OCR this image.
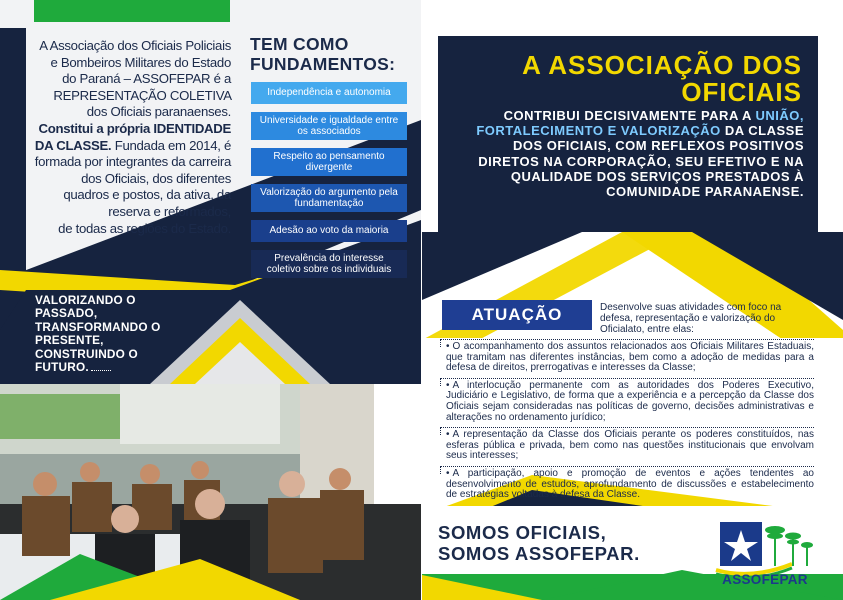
A Associação dos Oficiais Policiais e Bombeiros Militares do Estado do Paraná – ASSOFEPAR é a REPRESENTAÇÃO COLETIVA dos Oficiais paranaenses. Constitui a própria IDENTIDADE DA CLASSE. Fundada em 2014, é formada por integrantes da carreira dos Oficiais, dos diferentes quadros e postos, da ativa, da reserva e reformados,
de todas as regiões do Estado.
TEM COMO FUNDAMENTOS:
Independência e autonomia
Universidade e igualdade entre os associados
Respeito ao pensamento divergente
Valorização do argumento pela fundamentação
Adesão ao voto da maioria
Prevalência do interesse coletivo sobre os individuais
VALORIZANDO O PASSADO, TRANSFORMANDO O PRESENTE, CONSTRUINDO O FUTURO.
A ASSOCIAÇÃO DOS OFICIAIS
CONTRIBUI DECISIVAMENTE PARA A UNIÃO, FORTALECIMENTO E VALORIZAÇÃO DA CLASSE DOS OFICIAIS, COM REFLEXOS POSITIVOS DIRETOS NA CORPORAÇÃO, SEU EFETIVO E NA QUALIDADE DOS SERVIÇOS PRESTADOS À COMUNIDADE PARANAENSE.
ATUAÇÃO	Desenvolve suas atividades com foco na defesa, representação e valorização do Oficialato, entre elas:
• O acompanhamento dos assuntos relacionados aos Oficiais Militares Estaduais, que tramitam nas diferentes instâncias, bem como a adoção de medidas para a defesa de direitos, prerrogativas e interesses da Classe;
• A interlocução permanente com as autoridades dos Poderes Executivo, Judiciário e Legislativo, de forma que a experiência e a percepção da Classe dos Oficiais sejam consideradas nas políticas de governo, decisões administrativas e alterações no ordenamento jurídico;
• A representação da Classe dos Oficiais perante os poderes constituídos, nas esferas pública e privada, bem como nas questões institucionais que envolvam seus interesses;
• A participação, apoio e promoção de eventos e ações tendentes ao desenvolvimento de estudos, aprofundamento de discussões e estabelecimento de estratégias voltadas à defesa da Classe.
SOMOS OFICIAIS,
SOMOS ASSOFEPAR.
ASSOFEPAR
